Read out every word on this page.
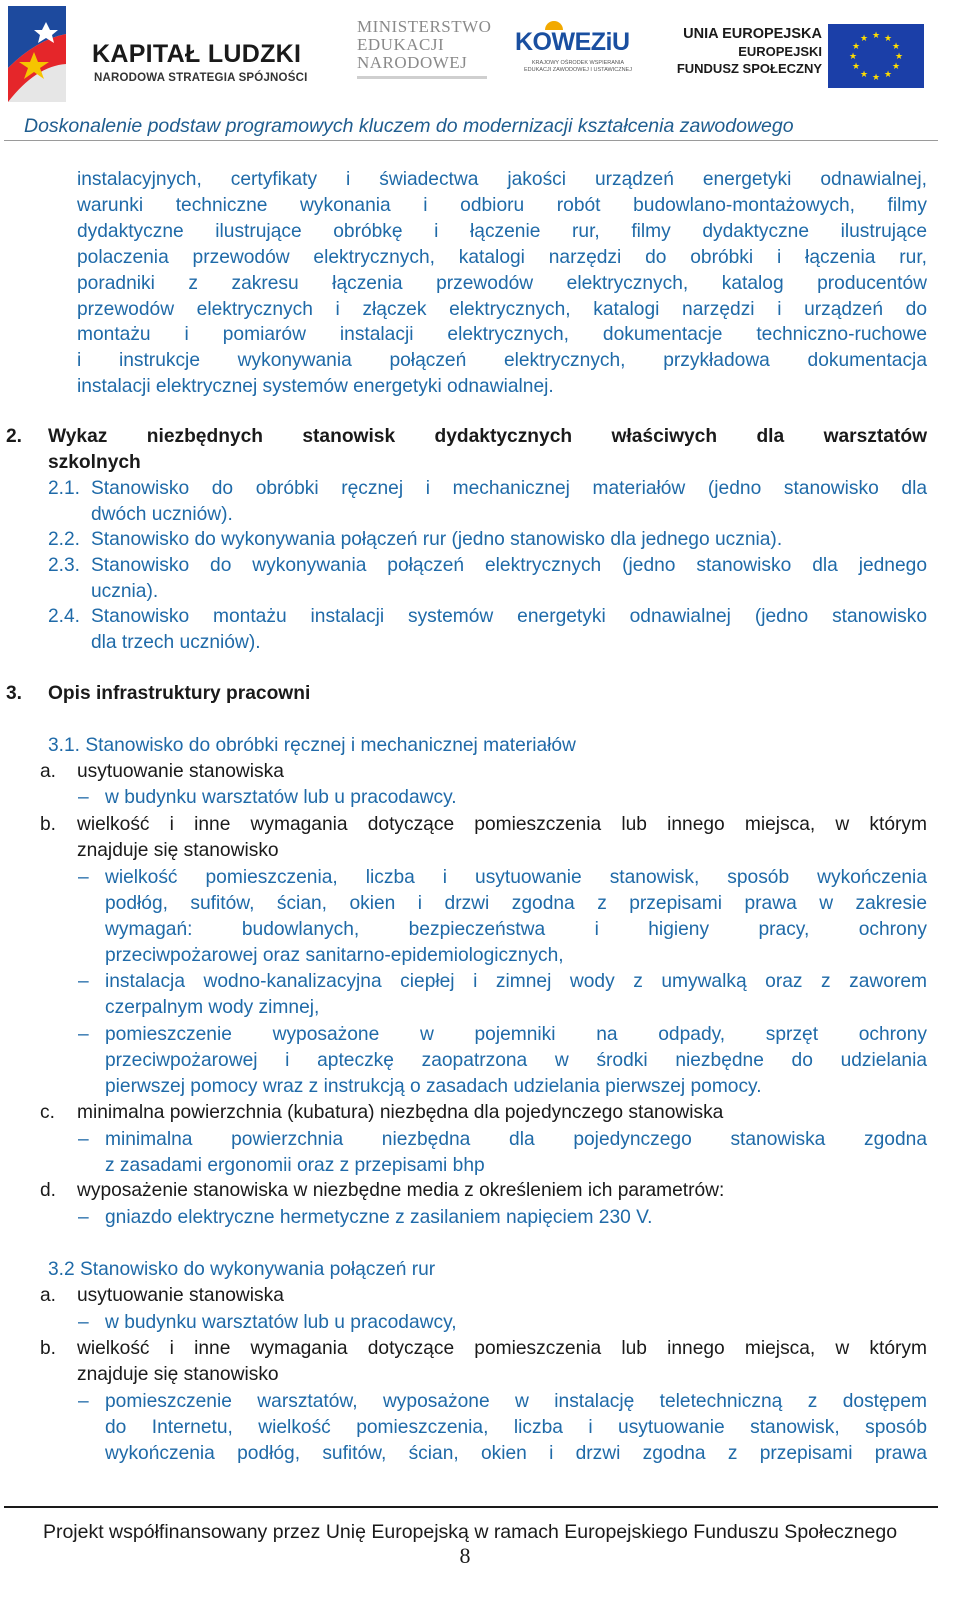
KAPITAŁ LUDZKI
NARODOWA STRATEGIA SPÓJNOŚCI
MINISTERSTWO
EDUKACJI
NARODOWEJ
KOWEZiU
KRAJOWY OŚRODEK WSPIERANIA
EDUKACJI ZAWODOWEJ I USTAWICZNEJ
UNIA EUROPEJSKA
EUROPEJSKI
FUNDUSZ SPOŁECZNY
★ ★
★
★
★
★
★
★
★
★
★
★
Doskonalenie podstaw programowych kluczem do modernizacji kształcenia zawodowego
instalacyjnych, certyfikaty i świadectwa jakości urządzeń energetyki odnawialnej,
warunki techniczne wykonania i odbioru robót budowlano-montażowych, filmy
dydaktyczne ilustrujące obróbkę i łączenie rur, filmy dydaktyczne ilustrujące
polaczenia przewodów elektrycznych, katalogi narzędzi do obróbki i łączenia rur,
poradniki z zakresu łączenia przewodów elektrycznych, katalog producentów
przewodów elektrycznych i złączek elektrycznych, katalogi narzędzi i urządzeń do
montażu i pomiarów instalacji elektrycznych, dokumentacje techniczno-ruchowe
i instrukcje wykonywania połączeń elektrycznych, przykładowa dokumentacja
instalacji elektrycznej systemów energetyki odnawialnej.
2. Wykaz niezbędnych stanowisk dydaktycznych właściwych dla warsztatów
szkolnych
2.1. Stanowisko do obróbki ręcznej i mechanicznej materiałów (jedno stanowisko dla
dwóch uczniów).
2.2. Stanowisko do wykonywania połączeń rur (jedno stanowisko dla jednego ucznia).
2.3. Stanowisko do wykonywania połączeń elektrycznych (jedno stanowisko dla jednego
ucznia).
2.4. Stanowisko montażu instalacji systemów energetyki odnawialnej (jedno stanowisko
dla trzech uczniów).
3. Opis infrastruktury pracowni
3.1. Stanowisko do obróbki ręcznej i mechanicznej materiałów
a. usytuowanie stanowiska
– w budynku warsztatów lub u pracodawcy.
b. wielkość i inne wymagania dotyczące pomieszczenia lub innego miejsca, w którym
znajduje się stanowisko
– wielkość pomieszczenia, liczba i usytuowanie stanowisk, sposób wykończenia
podłóg, sufitów, ścian, okien i drzwi zgodna z przepisami prawa w zakresie
wymagań: budowlanych, bezpieczeństwa i higieny pracy, ochrony
przeciwpożarowej oraz sanitarno-epidemiologicznych,
– instalacja wodno-kanalizacyjna ciepłej i zimnej wody z umywalką oraz z zaworem
czerpalnym wody zimnej,
– pomieszczenie wyposażone w pojemniki na odpady, sprzęt ochrony
przeciwpożarowej i apteczkę zaopatrzona w środki niezbędne do udzielania
pierwszej pomocy wraz z instrukcją o zasadach udzielania pierwszej pomocy.
c. minimalna powierzchnia (kubatura) niezbędna dla pojedynczego stanowiska
– minimalna powierzchnia niezbędna dla pojedynczego stanowiska zgodna
z zasadami ergonomii oraz z przepisami bhp
d. wyposażenie stanowiska w niezbędne media z określeniem ich parametrów:
– gniazdo elektryczne hermetyczne z zasilaniem napięciem 230 V.
3.2 Stanowisko do wykonywania połączeń rur
a. usytuowanie stanowiska
– w budynku warsztatów lub u pracodawcy,
b. wielkość i inne wymagania dotyczące pomieszczenia lub innego miejsca, w którym
znajduje się stanowisko
– pomieszczenie warsztatów, wyposażone w instalację teletechniczną z dostępem
do Internetu, wielkość pomieszczenia, liczba i usytuowanie stanowisk, sposób
wykończenia podłóg, sufitów, ścian, okien i drzwi zgodna z przepisami prawa
Projekt współfinansowany przez Unię Europejską w ramach Europejskiego Funduszu Społecznego
8
